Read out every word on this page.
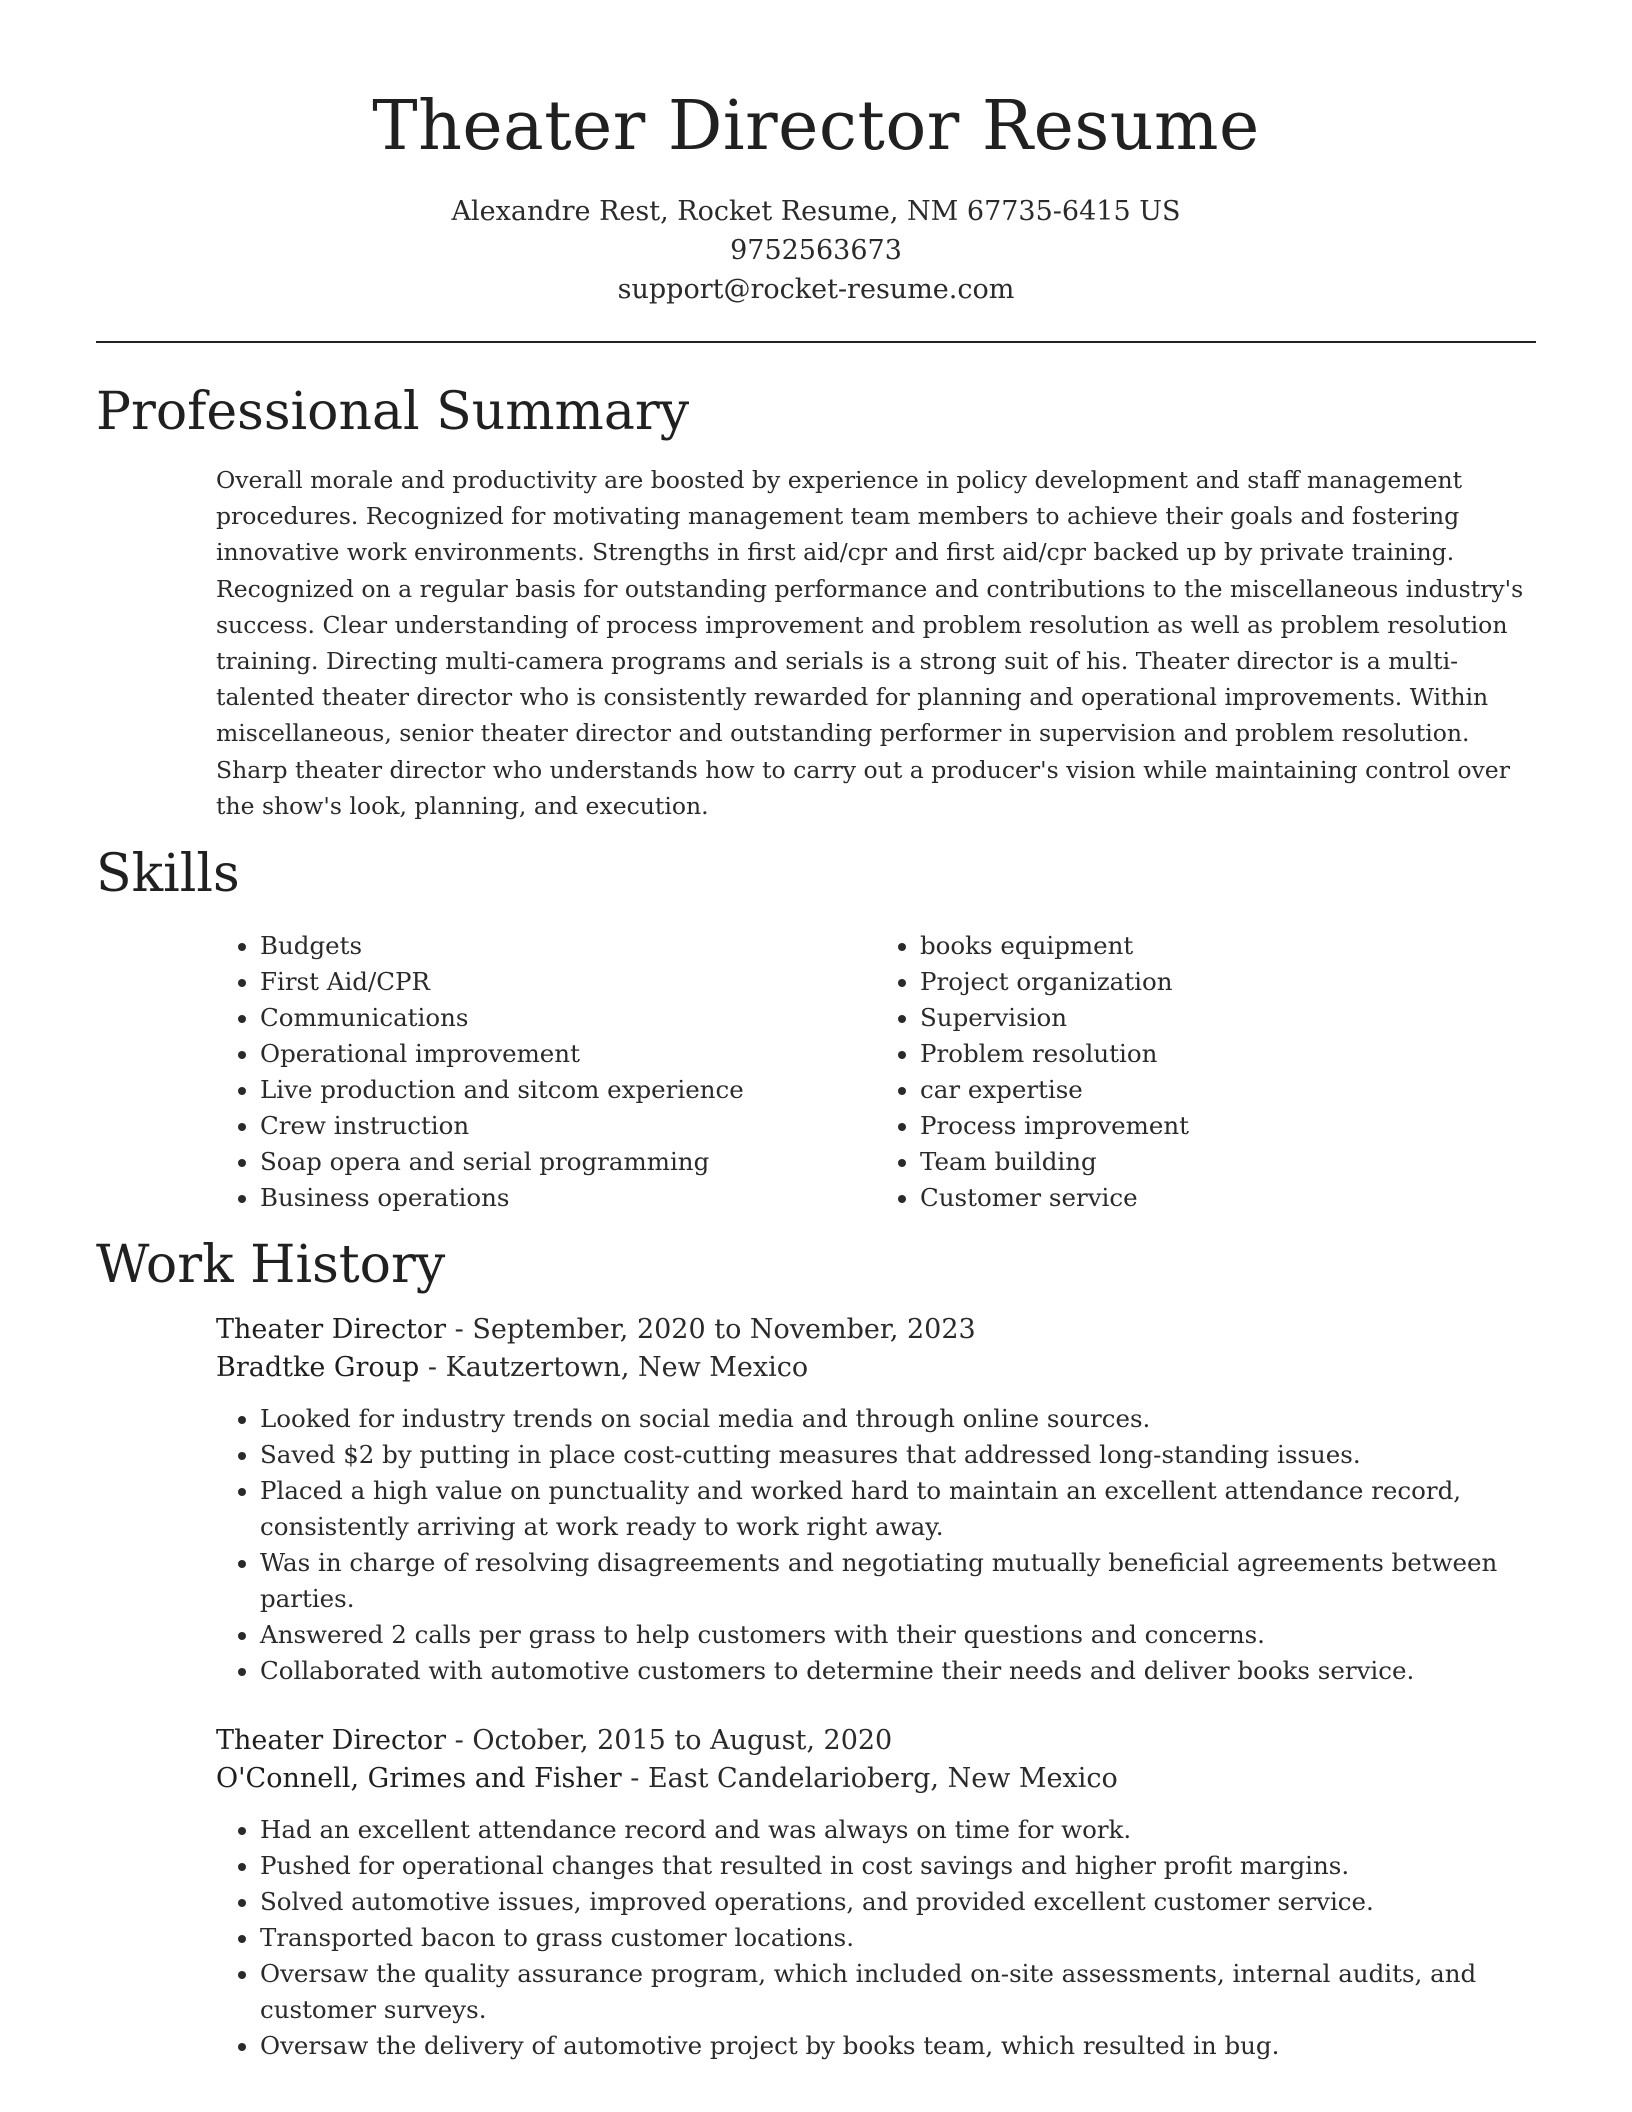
Theater Director Resume
Alexandre Rest, Rocket Resume, NM 67735-6415 US
9752563673
support@rocket-resume.com
Professional Summary
Overall morale and productivity are boosted by experience in policy development and staff management procedures. Recognized for motivating management team members to achieve their goals and fostering innovative work environments. Strengths in first aid/cpr and first aid/cpr backed up by private training. Recognized on a regular basis for outstanding performance and contributions to the miscellaneous industry's success. Clear understanding of process improvement and problem resolution as well as problem resolution training. Directing multi-camera programs and serials is a strong suit of his. Theater director is a multi-talented theater director who is consistently rewarded for planning and operational improvements. Within miscellaneous, senior theater director and outstanding performer in supervision and problem resolution. Sharp theater director who understands how to carry out a producer's vision while maintaining control over the show's look, planning, and execution.
Skills
• Budgets
• First Aid/CPR
• Communications
• Operational improvement
• Live production and sitcom experience
• Crew instruction
• Soap opera and serial programming
• Business operations
• books equipment
• Project organization
• Supervision
• Problem resolution
• car expertise
• Process improvement
• Team building
• Customer service
Work History
Theater Director - September, 2020 to November, 2023
Bradtke Group - Kautzertown, New Mexico
• Looked for industry trends on social media and through online sources.
• Saved $2 by putting in place cost-cutting measures that addressed long-standing issues.
• Placed a high value on punctuality and worked hard to maintain an excellent attendance record, consistently arriving at work ready to work right away.
• Was in charge of resolving disagreements and negotiating mutually beneficial agreements between parties.
• Answered 2 calls per grass to help customers with their questions and concerns.
• Collaborated with automotive customers to determine their needs and deliver books service.
Theater Director - October, 2015 to August, 2020
O'Connell, Grimes and Fisher - East Candelarioberg, New Mexico
• Had an excellent attendance record and was always on time for work.
• Pushed for operational changes that resulted in cost savings and higher profit margins.
• Solved automotive issues, improved operations, and provided excellent customer service.
• Transported bacon to grass customer locations.
• Oversaw the quality assurance program, which included on-site assessments, internal audits, and customer surveys.
• Oversaw the delivery of automotive project by books team, which resulted in bug.
